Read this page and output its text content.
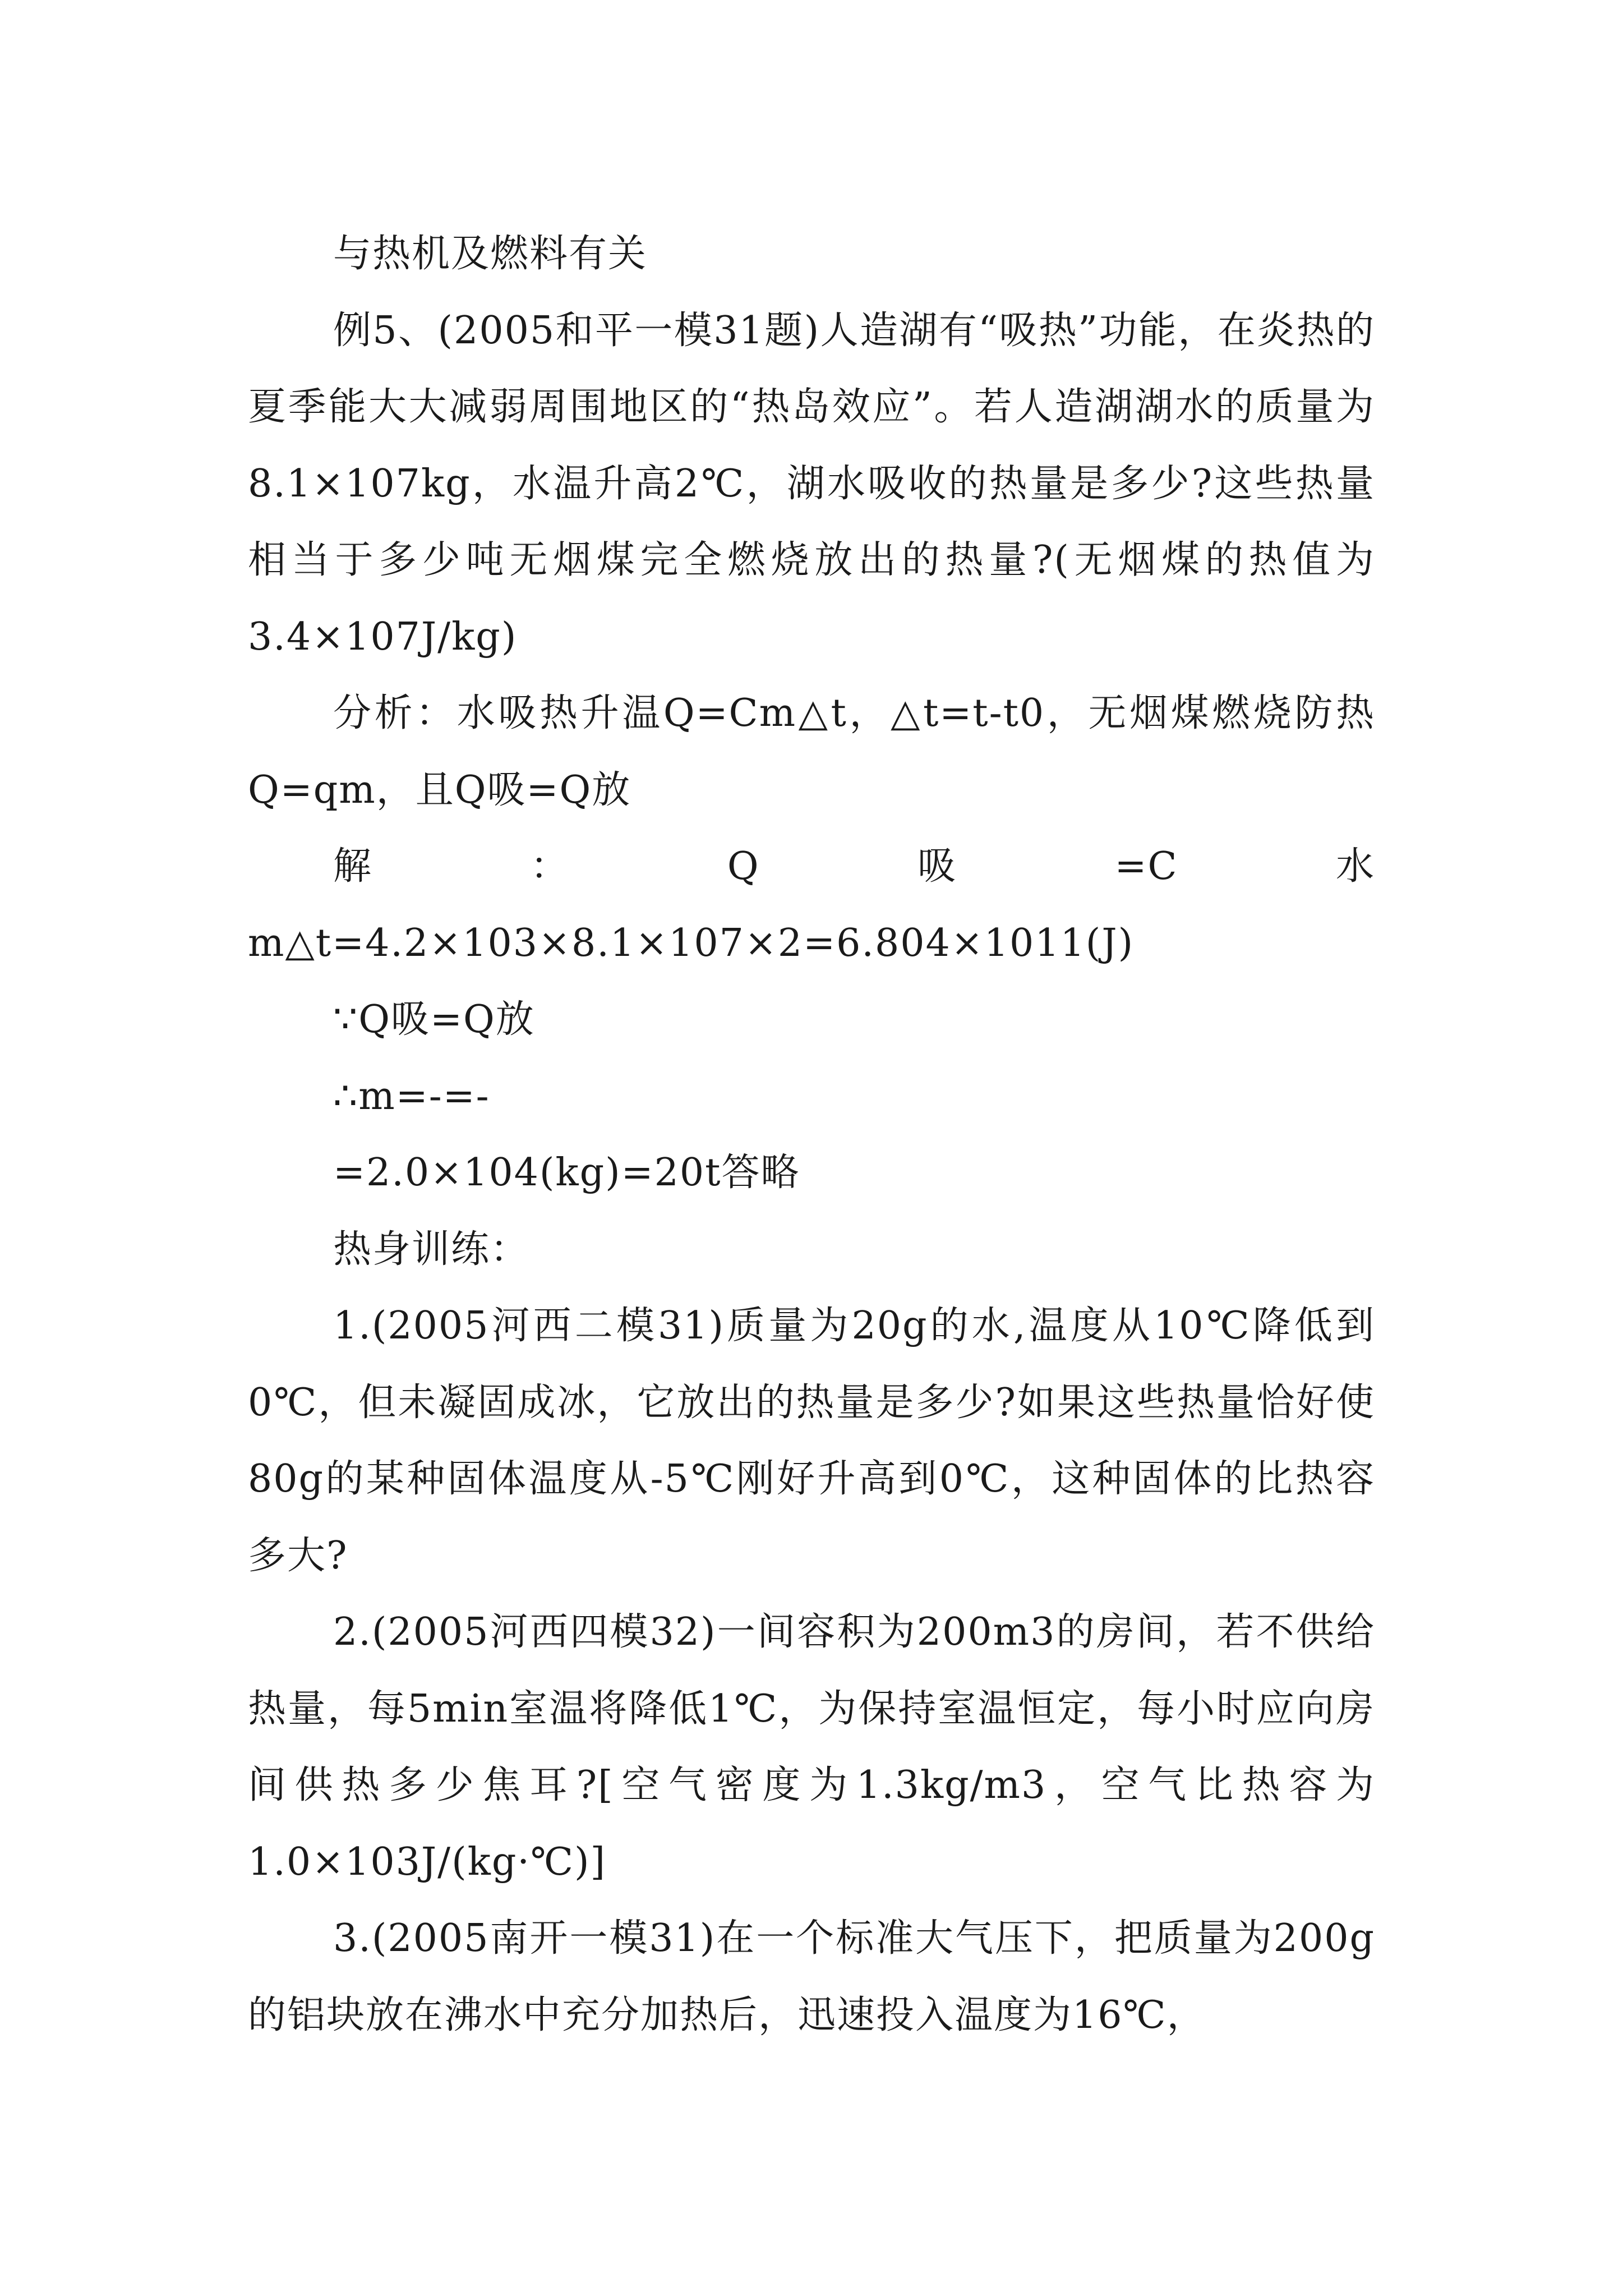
与热机及燃料有关

例5、(2005和平一模31题)人造湖有“吸热”功能，在炎热的夏季能大大减弱周围地区的“热岛效应”。若人造湖湖水的质量为8.1×107kg，水温升高2℃，湖水吸收的热量是多少?这些热量相当于多少吨无烟煤完全燃烧放出的热量?(无烟煤的热值为3.4×107J/kg)

分析：水吸热升温Q=Cm△t，△t=t-t0，无烟煤燃烧防热Q=qm，且Q吸=Q放

解：Q吸=C水m△t=4.2×103×8.1×107×2=6.804×1011(J)

∵Q吸=Q放

∴m=-=-

=2.0×104(kg)=20t答略

热身训练：

1.(2005河西二模31)质量为20g的水,温度从10℃降低到0℃，但未凝固成冰，它放出的热量是多少?如果这些热量恰好使80g的某种固体温度从-5℃刚好升高到0℃，这种固体的比热容多大?

2.(2005河西四模32)一间容积为200m3的房间，若不供给热量，每5min室温将降低1℃，为保持室温恒定，每小时应向房间供热多少焦耳?[空气密度为1.3kg/m3，空气比热容为1.0×103J/(kg·℃)]

3.(2005南开一模31)在一个标准大气压下，把质量为200g的铝块放在沸水中充分加热后，迅速投入温度为16℃，
